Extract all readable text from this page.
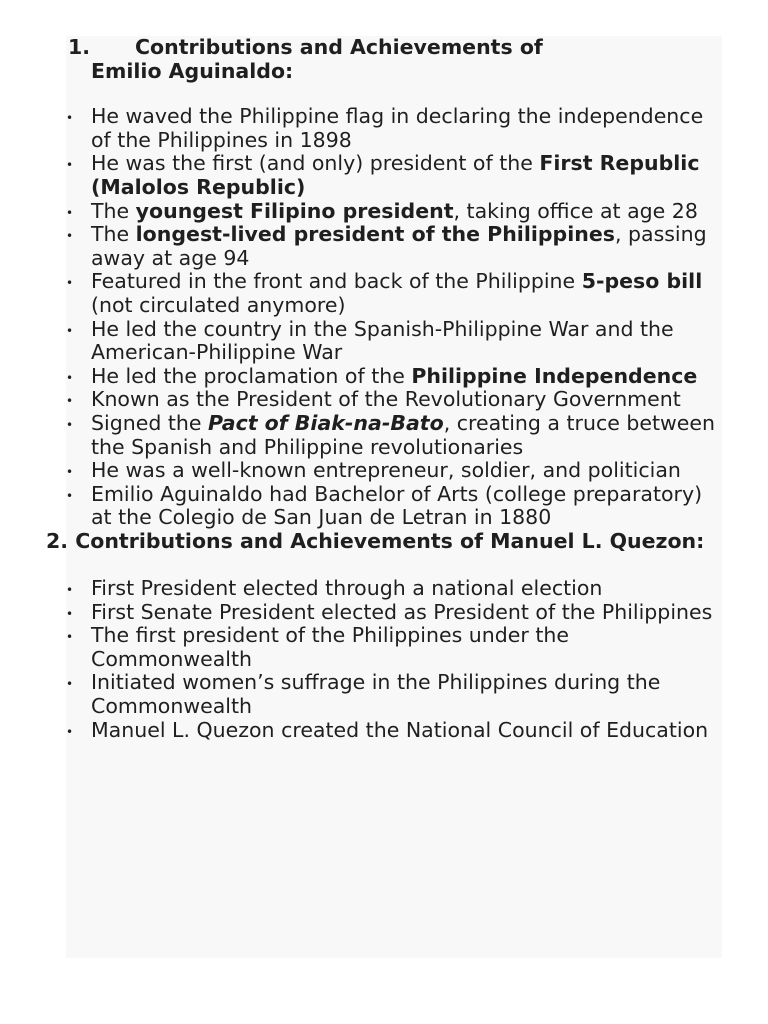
1. Contributions and Achievements of
Emilio Aguinaldo:

• He waved the Philippine flag in declaring the independence of the Philippines in 1898
• He was the first (and only) president of the First Republic (Malolos Republic)
• The youngest Filipino president, taking office at age 28
• The longest-lived president of the Philippines, passing away at age 94
• Featured in the front and back of the Philippine 5-peso bill (not circulated anymore)
• He led the country in the Spanish-Philippine War and the American-Philippine War
• He led the proclamation of the Philippine Independence
• Known as the President of the Revolutionary Government
• Signed the Pact of Biak-na-Bato, creating a truce between the Spanish and Philippine revolutionaries
• He was a well-known entrepreneur, soldier, and politician
• Emilio Aguinaldo had Bachelor of Arts (college preparatory) at the Colegio de San Juan de Letran in 1880

2. Contributions and Achievements of Manuel L. Quezon:

• First President elected through a national election
• First Senate President elected as President of the Philippines
• The first president of the Philippines under the Commonwealth
• Initiated women’s suffrage in the Philippines during the Commonwealth
• Manuel L. Quezon created the National Council of Education
